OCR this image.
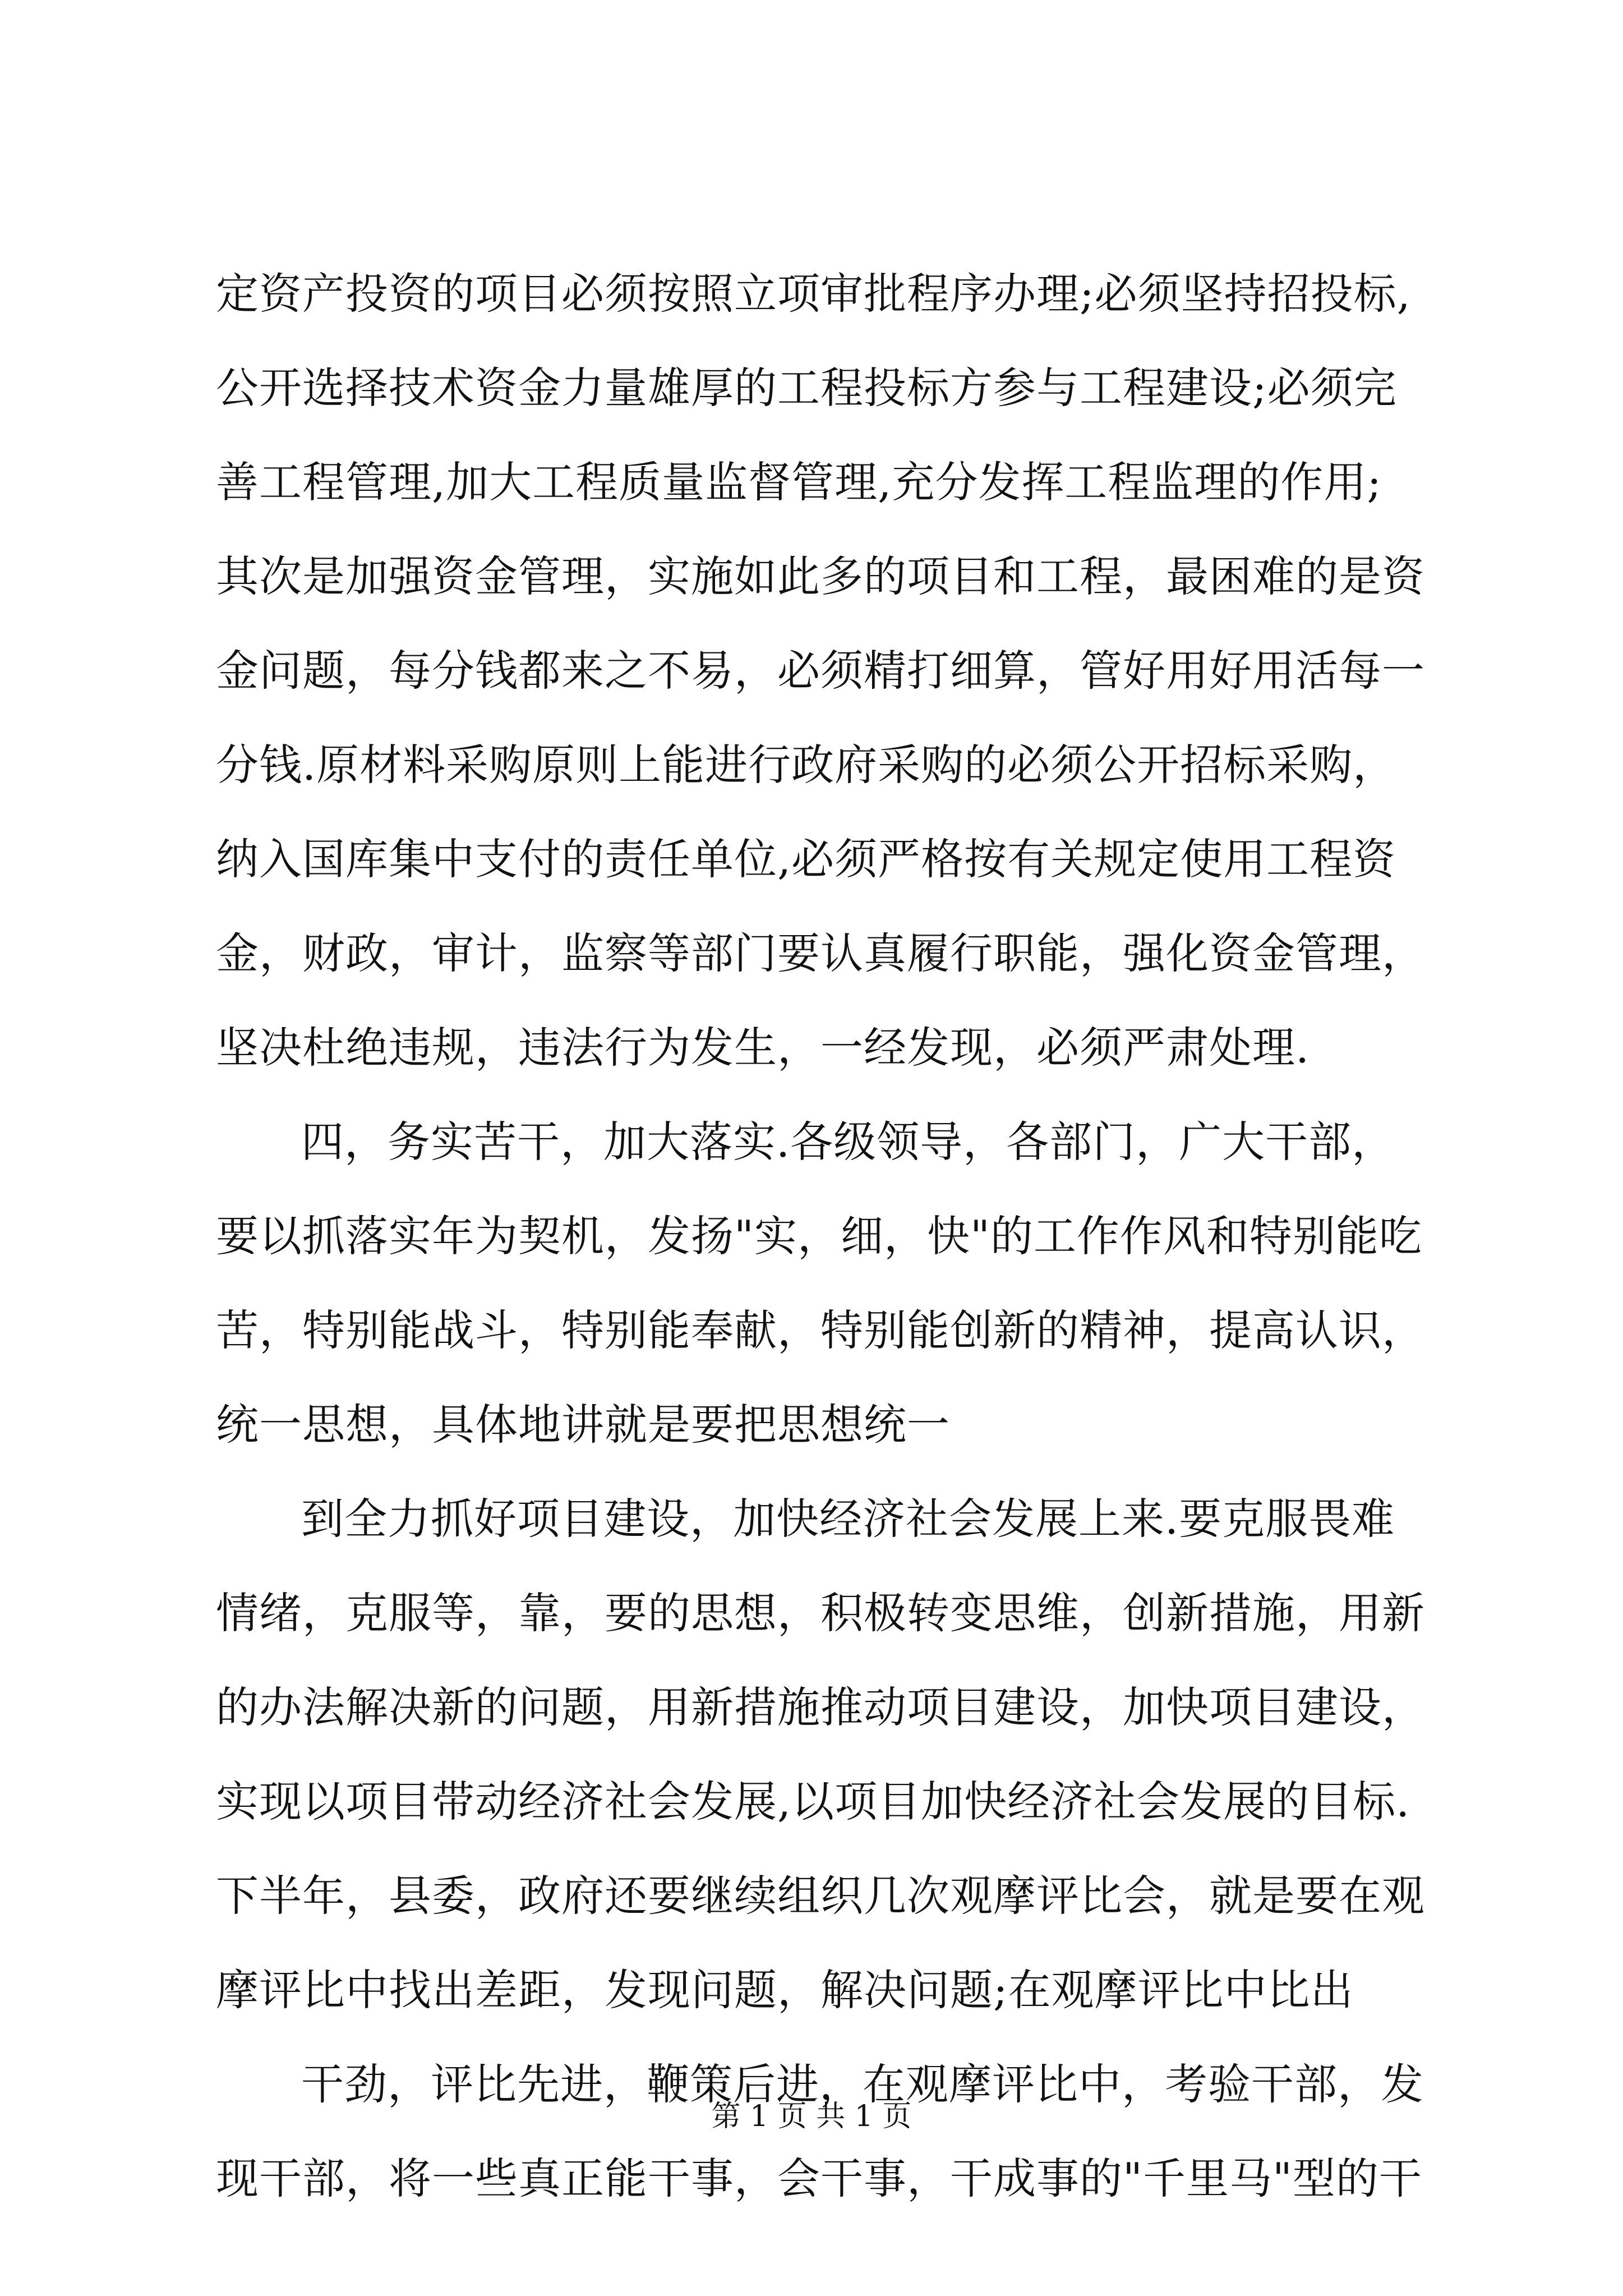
定资产投资的项目必须按照立项审批程序办理;必须坚持招投标,
公开选择技术资金力量雄厚的工程投标方参与工程建设;必须完
善工程管理,加大工程质量监督管理,充分发挥工程监理的作用;
其次是加强资金管理，实施如此多的项目和工程，最困难的是资
金问题，每分钱都来之不易，必须精打细算，管好用好用活每一
分钱.原材料采购原则上能进行政府采购的必须公开招标采购，
纳入国库集中支付的责任单位,必须严格按有关规定使用工程资
金，财政，审计，监察等部门要认真履行职能，强化资金管理，
坚决杜绝违规，违法行为发生，一经发现，必须严肃处理.
四，务实苦干，加大落实.各级领导，各部门，广大干部，
要以抓落实年为契机，发扬"实，细，快"的工作作风和特别能吃
苦，特别能战斗，特别能奉献，特别能创新的精神，提高认识，
统一思想，具体地讲就是要把思想统一
到全力抓好项目建设，加快经济社会发展上来.要克服畏难
情绪，克服等，靠，要的思想，积极转变思维，创新措施，用新
的办法解决新的问题，用新措施推动项目建设，加快项目建设，
实现以项目带动经济社会发展,以项目加快经济社会发展的目标.
下半年，县委，政府还要继续组织几次观摩评比会，就是要在观
摩评比中找出差距，发现问题，解决问题;在观摩评比中比出
干劲，评比先进，鞭策后进，在观摩评比中，考验干部，发
现干部，将一些真正能干事，会干事，干成事的"千里马"型的干
第 1 页 共 1 页
